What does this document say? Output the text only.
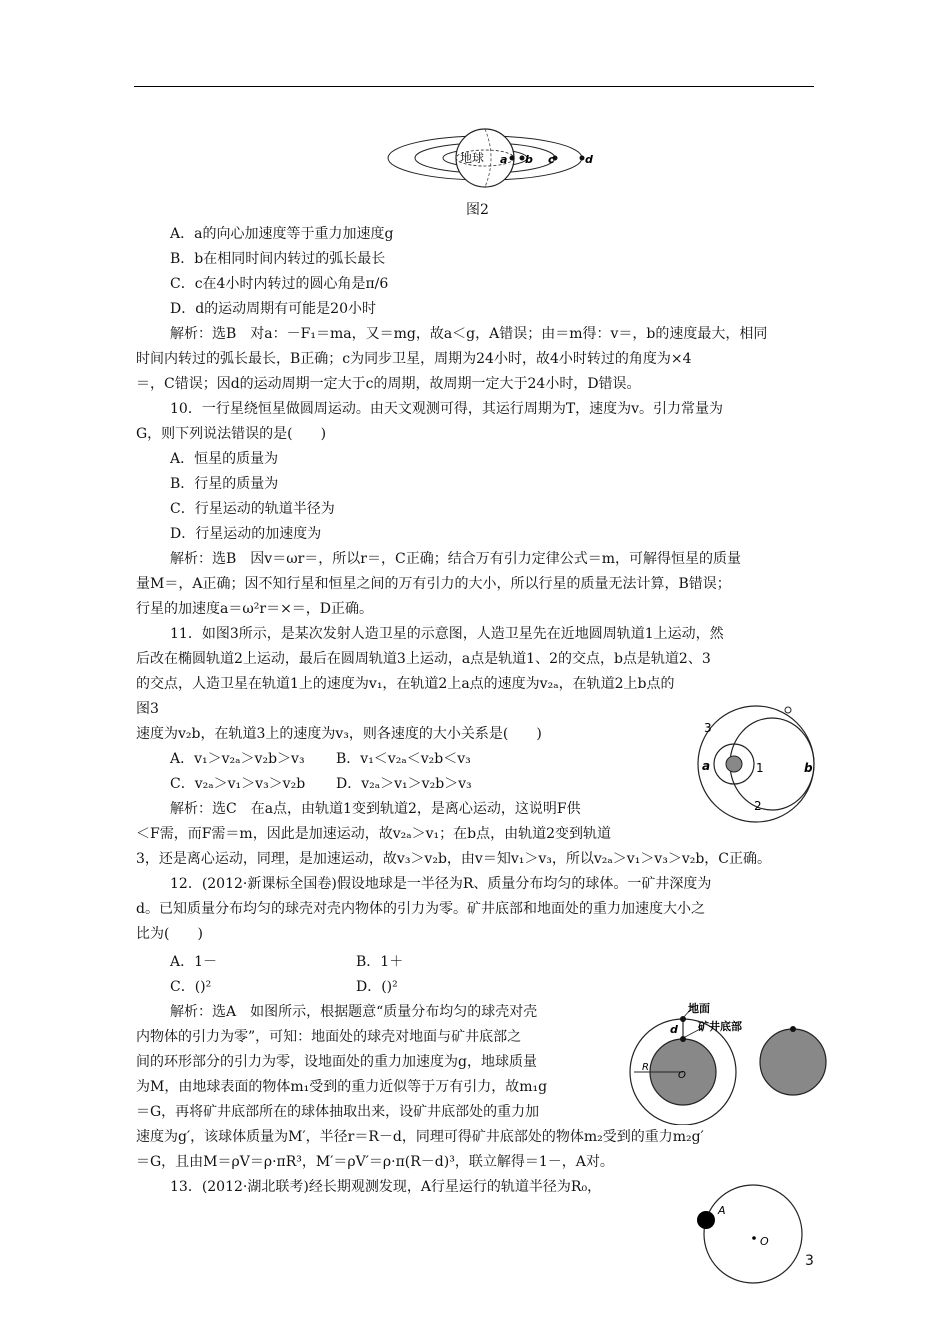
地球 a b c	d
图2
A．a的向心加速度等于重力加速度g
B．b在相同时间内转过的弧长最长
C．c在4小时内转过的圆心角是π/6
D．d的运动周期有可能是20小时
解析：选B　对a：－F₁＝ma，又＝mg，故a＜g，A错误；由＝m得：v＝，b的速度最大，相同
时间内转过的弧长最长，B正确；c为同步卫星，周期为24小时，故4小时转过的角度为×4
＝，C错误；因d的运动周期一定大于c的周期，故周期一定大于24小时，D错误。
10．一行星绕恒星做圆周运动。由天文观测可得，其运行周期为T，速度为v。引力常量为
G，则下列说法错误的是(　　)
A．恒星的质量为
B．行星的质量为
C．行星运动的轨道半径为
D．行星运动的加速度为
解析：选B　因v＝ωr＝，所以r＝，C正确；结合万有引力定律公式＝m，可解得恒星的质量
量M＝，A正确；因不知行星和恒星之间的万有引力的大小，所以行星的质量无法计算，B错误；
行星的加速度a＝ω²r＝×＝，D正确。
11．如图3所示，是某次发射人造卫星的示意图，人造卫星先在近地圆周轨道1上运动，然
后改在椭圆轨道2上运动，最后在圆周轨道3上运动，a点是轨道1、2的交点，b点是轨道2、3
的交点，人造卫星在轨道1上的速度为v₁，在轨道2上a点的速度为v₂ₐ，在轨道2上b点的
图3
速度为v₂b，在轨道3上的速度为v₃，则各速度的大小关系是(　　)
A．v₁＞v₂ₐ＞v₂b＞v₃ B．v₁＜v₂ₐ＜v₂b＜v₃
C．v₂ₐ＞v₁＞v₃＞v₂b D．v₂ₐ＞v₁＞v₂b＞v₃
解析：选C　在a点，由轨道1变到轨道2，是离心运动，这说明F供
＜F需，而F需＝m，因此是加速运动，故v₂ₐ＞v₁；在b点，由轨道2变到轨道
3，还是离心运动，同理，是加速运动，故v₃＞v₂b，由v＝知v₁＞v₃，所以v₂ₐ＞v₁＞v₃＞v₂b，C正确。
3
1
2
a	b
12．(2012·新课标全国卷)假设地球是一半径为R、质量分布均匀的球体。一矿井深度为
d。已知质量分布均匀的球壳对壳内物体的引力为零。矿井底部和地面处的重力加速度大小之
比为(　　)
A．1－	B．1＋
C．()²	D．()²
解析：选A　如图所示，根据题意“质量分布均匀的球壳对壳
内物体的引力为零”，可知：地面处的球壳对地面与矿井底部之
间的环形部分的引力为零，设地面处的重力加速度为g，地球质量
为M，由地球表面的物体m₁受到的重力近似等于万有引力，故m₁g
＝G，再将矿井底部所在的球体抽取出来，设矿井底部处的重力加
速度为g′，该球体质量为M′，半径r＝R－d，同理可得矿井底部处的物体m₂受到的重力m₂g′
＝G，且由M＝ρV＝ρ·πR³，M′＝ρV′＝ρ·π(R－d)³，联立解得＝1－，A对。
地面
矿井底部
d
R
O
13．(2012·湖北联考)经长期观测发现，A行星运行的轨道半径为R₀，
A
O
3
